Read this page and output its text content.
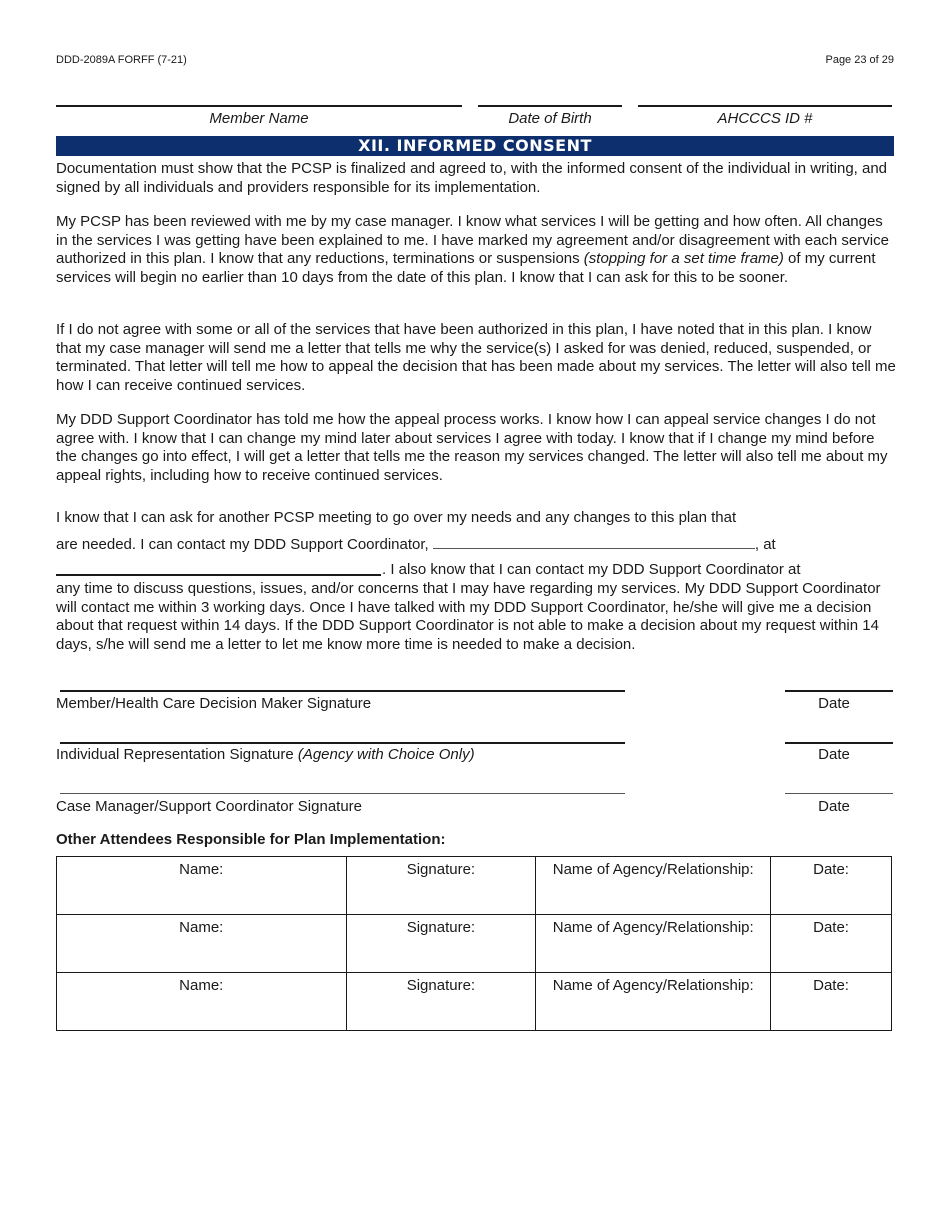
DDD-2089A FORFF (7-21)	Page 23 of 29
Member Name	Date of Birth	AHCCCS ID #
XII. INFORMED CONSENT
Documentation must show that the PCSP is finalized and agreed to, with the informed consent of the individual in writing, and signed by all individuals and providers responsible for its implementation.
My PCSP has been reviewed with me by my case manager. I know what services I will be getting and how often. All changes in the services I was getting have been explained to me. I have marked my agreement and/or disagreement with each service authorized in this plan. I know that any reductions, terminations or suspensions (stopping for a set time frame) of my current services will begin no earlier than 10 days from the date of this plan. I know that I can ask for this to be sooner.
If I do not agree with some or all of the services that have been authorized in this plan, I have noted that in this plan. I know that my case manager will send me a letter that tells me why the service(s) I asked for was denied, reduced, suspended, or terminated. That letter will tell me how to appeal the decision that has been made about my services. The letter will also tell me how I can receive continued services.
My DDD Support Coordinator has told me how the appeal process works. I know how I can appeal service changes I do not agree with. I know that I can change my mind later about services I agree with today. I know that if I change my mind before the changes go into effect, I will get a letter that tells me the reason my services changed. The letter will also tell me about my appeal rights, including how to receive continued services.
I know that I can ask for another PCSP meeting to go over my needs and any changes to this plan that
are needed. I can contact my DDD Support Coordinator,	, at
. I also know that I can contact my DDD Support Coordinator at
any time to discuss questions, issues, and/or concerns that I may have regarding my services. My DDD Support Coordinator will contact me within 3 working days. Once I have talked with my DDD Support Coordinator, he/she will give me a decision about that request within 14 days. If the DDD Support Coordinator is not able to make a decision about my request within 14 days, s/he will send me a letter to let me know more time is needed to make a decision.
Member/Health Care Decision Maker Signature	Date
Individual Representation Signature (Agency with Choice Only)	Date
Case Manager/Support Coordinator Signature	Date
Other Attendees Responsible for Plan Implementation:
Name:	Signature:	Name of Agency/Relationship:	Date:
Name:	Signature:	Name of Agency/Relationship:	Date:
Name:	Signature:	Name of Agency/Relationship:	Date:
